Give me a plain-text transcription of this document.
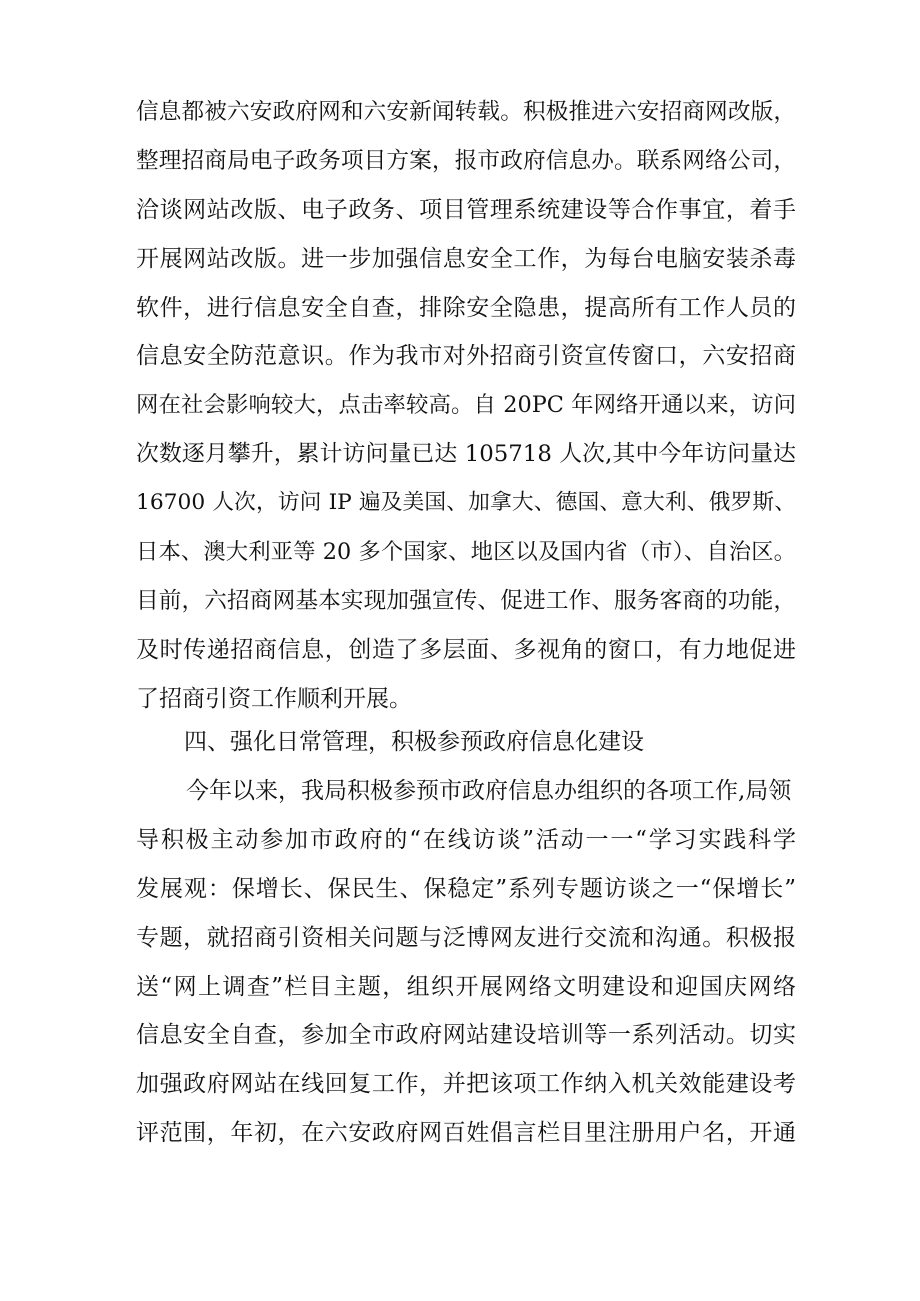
信息都被六安政府网和六安新闻转载。积极推进六安招商网改版，
整理招商局电子政务项目方案，报市政府信息办。联系网络公司，
洽谈网站改版、电子政务、项目管理系统建设等合作事宜，着手
开展网站改版。进一步加强信息安全工作，为每台电脑安装杀毒
软件，进行信息安全自查，排除安全隐患，提高所有工作人员的
信息安全防范意识。作为我市对外招商引资宣传窗口，六安招商
网在社会影响较大，点击率较高。自 20PC 年网络开通以来，访问
次数逐月攀升，累计访问量已达 105718 人次,其中今年访问量达
16700 人次，访问 IP 遍及美国、加拿大、德国、意大利、俄罗斯、
日本、澳大利亚等 20 多个国家、地区以及国内省（市）、自治区。
目前，六招商网基本实现加强宣传、促进工作、服务客商的功能，
及时传递招商信息，创造了多层面、多视角的窗口，有力地促进
了招商引资工作顺利开展。
四、强化日常管理，积极参预政府信息化建设
今年以来，我局积极参预市政府信息办组织的各项工作,局领
导积极主动参加市政府的“在线访谈”活动一一“学习实践科学
发展观：保增长、保民生、保稳定”系列专题访谈之一“保增长”
专题，就招商引资相关问题与泛博网友进行交流和沟通。积极报
送“网上调查”栏目主题，组织开展网络文明建设和迎国庆网络
信息安全自查，参加全市政府网站建设培训等一系列活动。切实
加强政府网站在线回复工作，并把该项工作纳入机关效能建设考
评范围，年初，在六安政府网百姓倡言栏目里注册用户名，开通
